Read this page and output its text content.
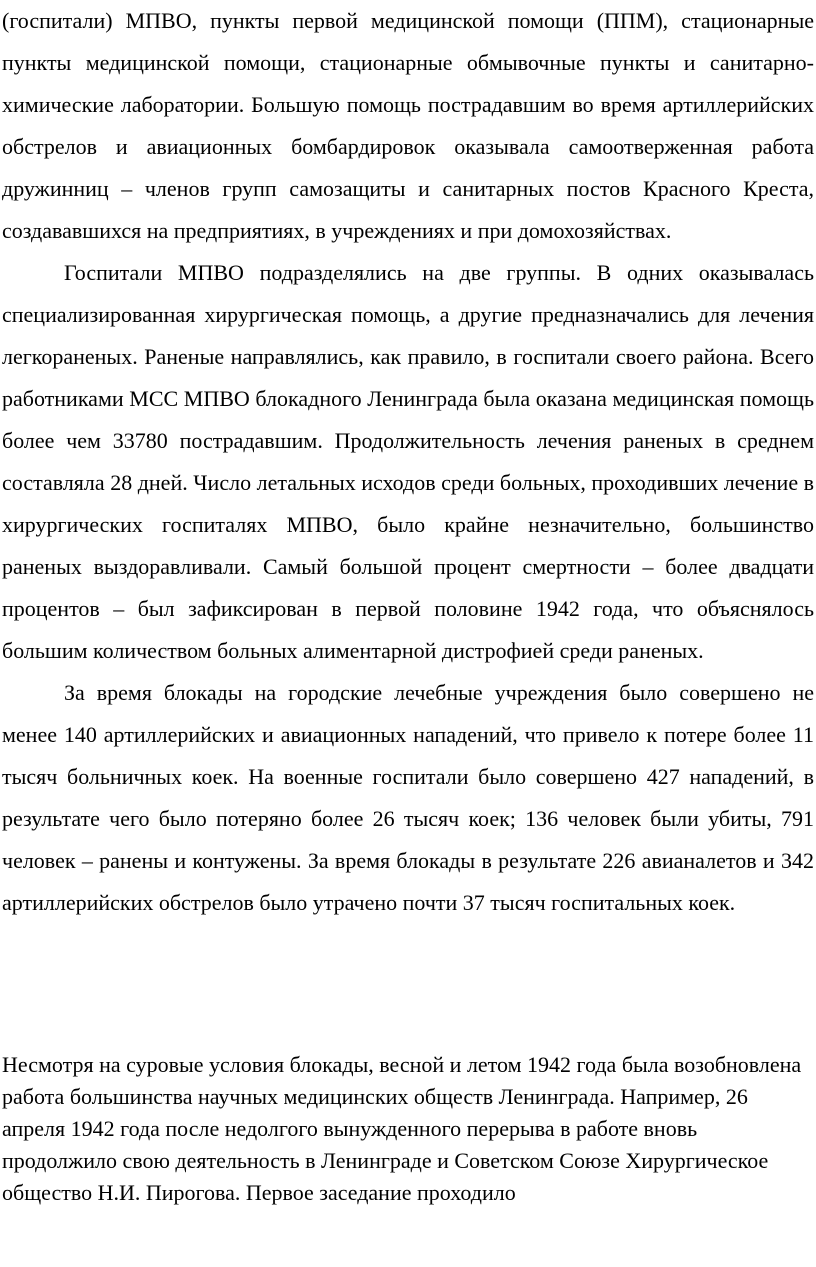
(госпитали) МПВО, пункты первой медицинской помощи (ППМ), стационарные пункты медицинской помощи, стационарные обмывочные пункты и санитарно-химические лаборатории. Большую помощь пострадавшим во время артиллерийских обстрелов и авиационных бомбардировок оказывала самоотверженная работа дружинниц – членов групп самозащиты и санитарных постов Красного Креста, создававшихся на предприятиях, в учреждениях и при домохозяйствах.

Госпитали МПВО подразделялись на две группы. В одних оказывалась специализированная хирургическая помощь, а другие предназначались для лечения легкораненых. Раненые направлялись, как правило, в госпитали своего района. Всего работниками МСС МПВО блокадного Ленинграда была оказана медицинская помощь более чем 33780 пострадавшим. Продолжительность лечения раненых в среднем составляла 28 дней. Число летальных исходов среди больных, проходивших лечение в хирургических госпиталях МПВО, было крайне незначительно, большинство раненых выздоравливали. Самый большой процент смертности – более двадцати процентов – был зафиксирован в первой половине 1942 года, что объяснялось большим количеством больных алиментарной дистрофией среди раненых.

За время блокады на городские лечебные учреждения было совершено не менее 140 артиллерийских и авиационных нападений, что привело к потере более 11 тысяч больничных коек. На военные госпитали было совершено 427 нападений, в результате чего было потеряно более 26 тысяч коек; 136 человек были убиты, 791 человек – ранены и контужены. За время блокады в результате 226 авианалетов и 342 артиллерийских обстрелов было утрачено почти 37 тысяч госпитальных коек.

Несмотря на суровые условия блокады, весной и летом 1942 года была возобновлена работа большинства научных медицинских обществ Ленинграда. Например, 26 апреля 1942 года после недолгого вынужденного перерыва в работе вновь продолжило свою деятельность в Ленинграде и Советском Союзе Хирургическое общество Н.И. Пирогова. Первое заседание проходило
